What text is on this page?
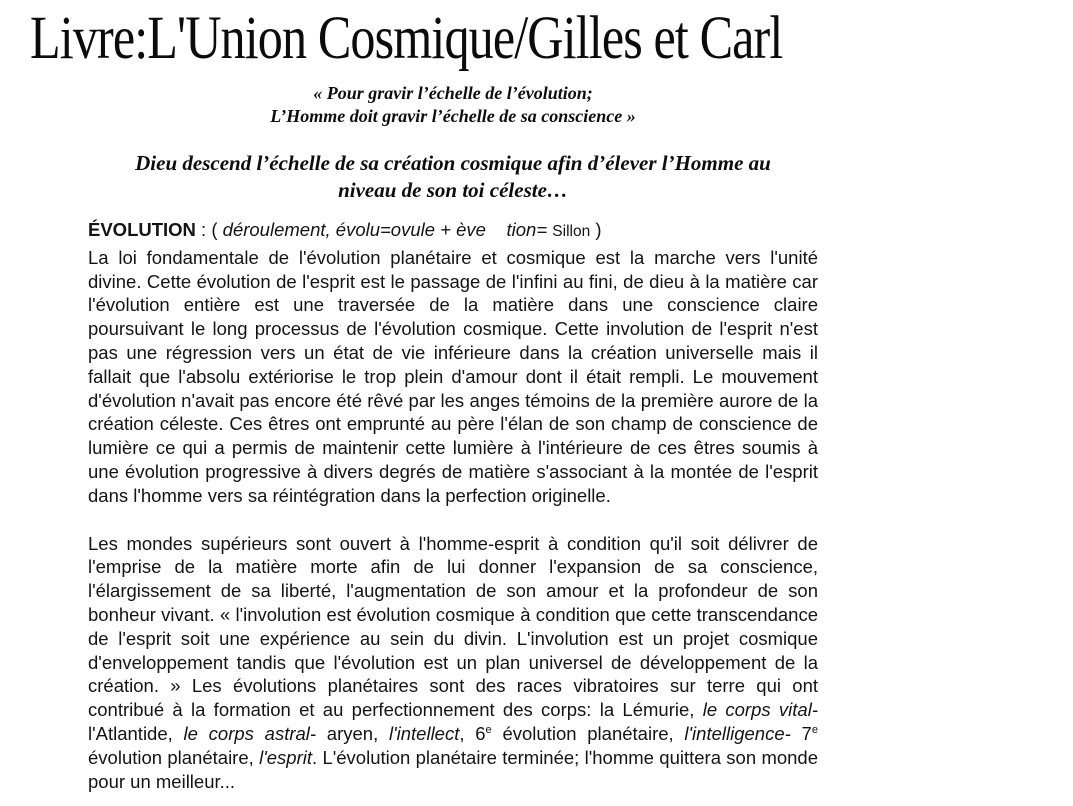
Livre:L'Union Cosmique/Gilles et Carl
« Pour gravir l’échelle de l’évolution;
L’Homme doit gravir l’échelle de sa conscience »
Dieu descend l’échelle de sa création cosmique afin d’élever l’Homme au
niveau de son toi céleste…
ÉVOLUTION : ( déroulement, évolu=ovule + ève tion= Sillon )

La loi fondamentale de l'évolution planétaire et cosmique est la marche vers l'unité divine. Cette évolution de l'esprit est le passage de l'infini au fini, de dieu à la matière car l'évolution entière est une traversée de la matière dans une conscience claire poursuivant le long processus de l'évolution cosmique. Cette involution de l'esprit n'est pas une régression vers un état de vie inférieure dans la création universelle mais il fallait que l'absolu extériorise le trop plein d'amour dont il était rempli. Le mouvement d'évolution n'avait pas encore été rêvé par les anges témoins de la première aurore de la création céleste. Ces êtres ont emprunté au père l'élan de son champ de conscience de lumière ce qui a permis de maintenir cette lumière à l'intérieure de ces êtres soumis à une évolution progressive à divers degrés de matière s'associant à la montée de l'esprit dans l'homme vers sa réintégration dans la perfection originelle.

Les mondes supérieurs sont ouvert à l'homme-esprit à condition qu'il soit délivrer de l'emprise de la matière morte afin de lui donner l'expansion de sa conscience, l'élargissement de sa liberté, l'augmentation de son amour et la profondeur de son bonheur vivant. « l'involution est évolution cosmique à condition que cette transcendance de l'esprit soit une expérience au sein du divin. L'involution est un projet cosmique d'enveloppement tandis que l'évolution est un plan universel de développement de la création. » Les évolutions planétaires sont des races vibratoires sur terre qui ont contribué à la formation et au perfectionnement des corps: la Lémurie, le corps vital- l'Atlantide, le corps astral- aryen, l'intellect, 6e évolution planétaire, l'intelligence- 7e évolution planétaire, l'esprit. L'évolution planétaire terminée; l'homme quittera son monde pour un meilleur...
